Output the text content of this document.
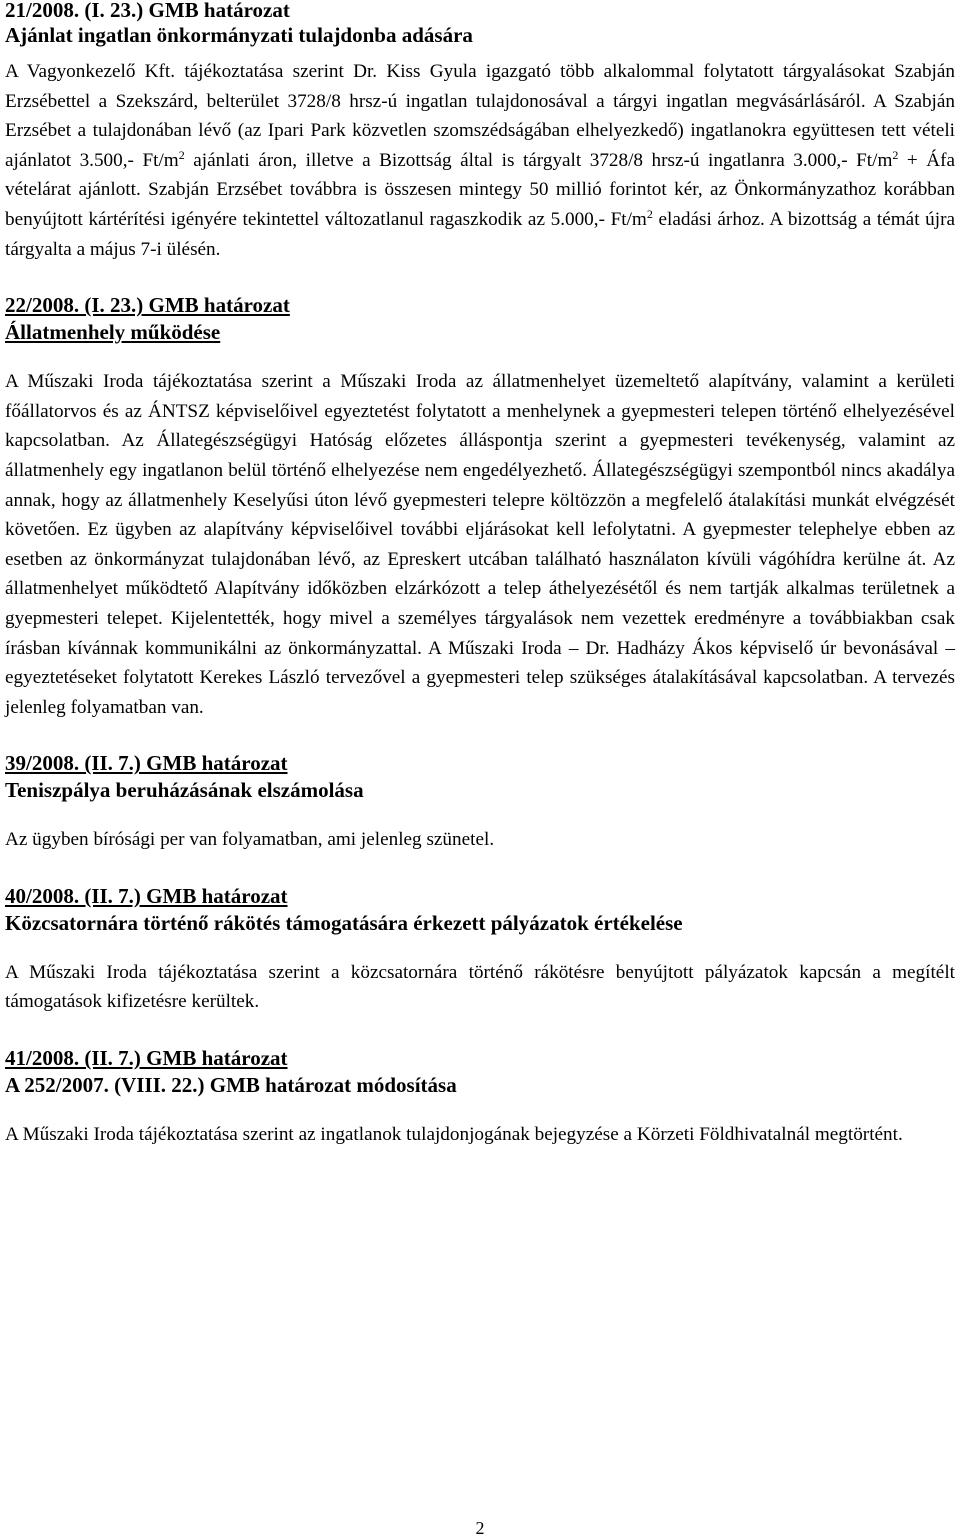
21/2008. (I. 23.) GMB határozat

Ajánlat ingatlan önkormányzati tulajdonba adására

A Vagyonkezelő Kft. tájékoztatása szerint Dr. Kiss Gyula igazgató több alkalommal folytatott tárgyalásokat Szabján Erzsébettel a Szekszárd, belterület 3728/8 hrsz-ú ingatlan tulajdonosával a tárgyi ingatlan megvásárlásáról. A Szabján Erzsébet a tulajdonában lévő (az Ipari Park közvetlen szomszédságában elhelyezkedő) ingatlanokra együttesen tett vételi ajánlatot 3.500,- $Ft/m^2$ ajánlati áron, illetve a Bizottság által is tárgyalt 3728/8 hrsz-ú ingatlanra 3.000,- $Ft/m^2$ + Áfa vételárat ajánlott. Szabján Erzsébet továbbra is összesen mintegy 50 millió forintot kér, az Önkormányzathoz korábban benyújtott kártérítési igényére tekintettel változatlanul ragaszkodik az 5.000,- $Ft/m^2$ eladási árhoz. A bizottság a témát újra tárgyalta a május 7-i ülésén.

22/2008. (I. 23.) GMB határozat

Állatmenhely működése

A Műszaki Iroda tájékoztatása szerint a Műszaki Iroda az állatmenhelyet üzemeltető alapítvány, valamint a kerületi főállatorvos és az ÁNTSZ képviselőivel egyeztetést folytatott a menhelynek a gyepmesteri telepen történő elhelyezésével kapcsolatban. Az Állategészségügyi Hatóság előzetes álláspontja szerint a gyepmesteri tevékenység, valamint az állatmenhely egy ingatlanon belül történő elhelyezése nem engedélyezhető. Állategészségügyi szempontból nincs akadálya annak, hogy az állatmenhely Keselyűsi úton lévő gyepmesteri telepre költözzön a megfelelő átalakítási munkát elvégzését követően. Ez ügyben az alapítvány képviselőivel további eljárásokat kell lefolytatni. A gyepmester telephelye ebben az esetben az önkormányzat tulajdonában lévő, az Epreskert utcában található használaton kívüli vágóhídra kerülne át. Az állatmenhelyet működtető Alapítvány időközben elzárkózott a telep áthelyezésétől és nem tartják alkalmas területnek a gyepmesteri telepet. Kijelentették, hogy mivel a személyes tárgyalások nem vezettek eredményre a továbbiakban csak írásban kívánnak kommunikálni az önkormányzattal. A Műszaki Iroda – Dr. Hadházy Ákos képviselő úr bevonásával – egyeztetéseket folytatott Kerekes László tervezővel a gyepmesteri telep szükséges átalakításával kapcsolatban. A tervezés jelenleg folyamatban van.

39/2008. (II. 7.) GMB határozat

Teniszpálya beruházásának elszámolása

Az ügyben bírósági per van folyamatban, ami jelenleg szünetel.

40/2008. (II. 7.) GMB határozat

Közcsatornára történő rákötés támogatására érkezett pályázatok értékelése

A Műszaki Iroda tájékoztatása szerint a közcsatornára történő rákötésre benyújtott pályázatok kapcsán a megítélt támogatások kifizetésre kerültek.

41/2008. (II. 7.) GMB határozat

A 252/2007. (VIII. 22.) GMB határozat módosítása

A Műszaki Iroda tájékoztatása szerint az ingatlanok tulajdonjogának bejegyzése a Körzeti Földhivatalnál megtörtént.

2
